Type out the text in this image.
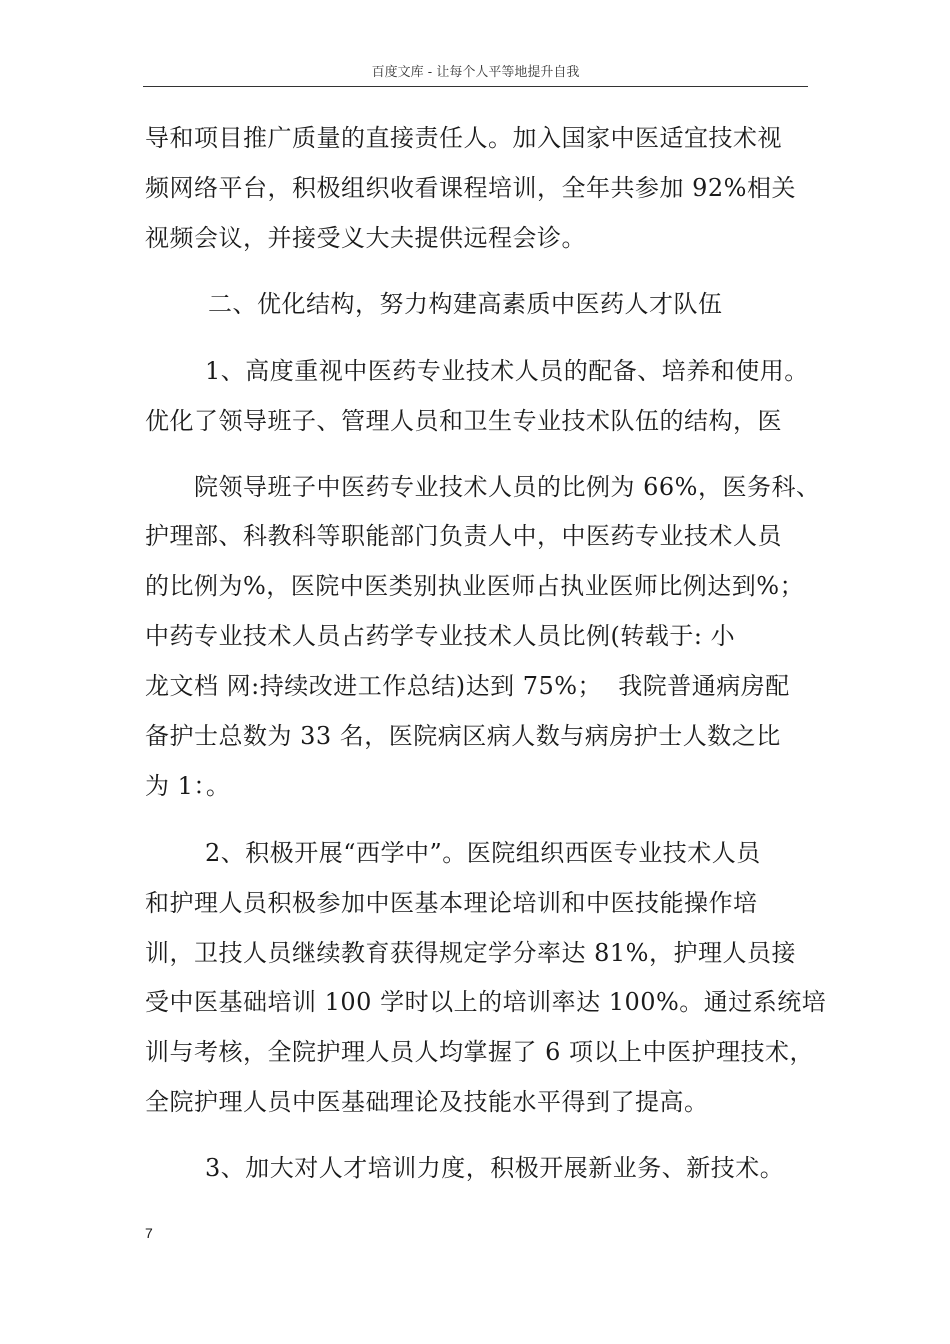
百度文库 - 让每个人平等地提升自我

导和项目推广质量的直接责任人。加入国家中医适宜技术视

频网络平台，积极组织收看课程培训，全年共参加 92%相关

视频会议，并接受义大夫提供远程会诊。

二、优化结构，努力构建高素质中医药人才队伍

1、高度重视中医药专业技术人员的配备、培养和使用。

优化了领导班子、管理人员和卫生专业技术队伍的结构，医

院领导班子中医药专业技术人员的比例为 66%，医务科、

护理部、科教科等职能部门负责人中，中医药专业技术人员

的比例为%，医院中医类别执业医师占执业医师比例达到%；

中药专业技术人员占药学专业技术人员比例(转载于: 小

龙文档 网:持续改进工作总结)达到 75%；  我院普通病房配

备护士总数为 33 名，医院病区病人数与病房护士人数之比

为 1：。

2、积极开展“西学中”。医院组织西医专业技术人员

和护理人员积极参加中医基本理论培训和中医技能操作培

训，卫技人员继续教育获得规定学分率达 81%，护理人员接

受中医基础培训 100 学时以上的培训率达 100%。通过系统培

训与考核，全院护理人员人均掌握了 6 项以上中医护理技术，

全院护理人员中医基础理论及技能水平得到了提高。

3、加大对人才培训力度，积极开展新业务、新技术。

7
